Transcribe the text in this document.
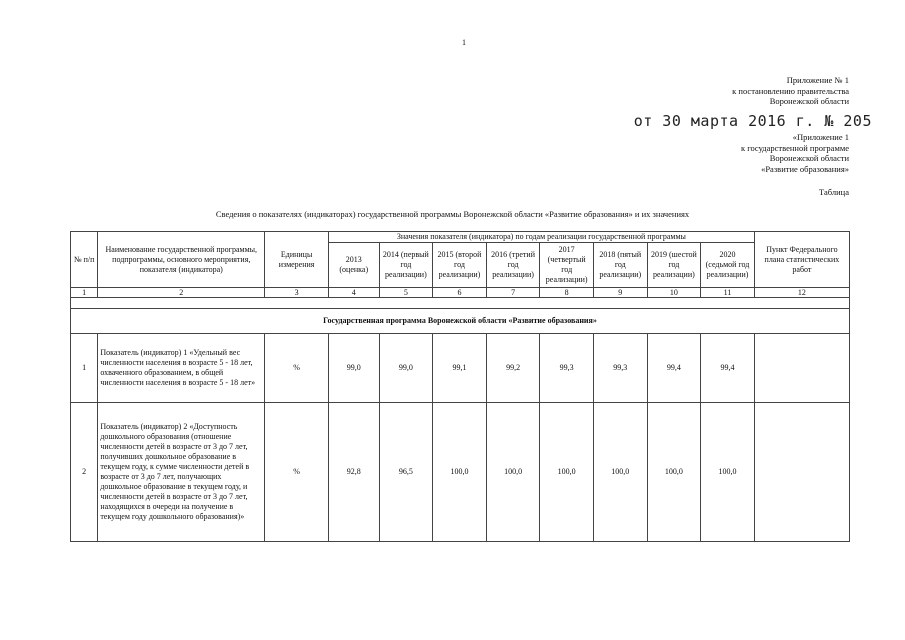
1
Приложение № 1
к постановлению правительства
Воронежской области
от 30 марта 2016 г. № 205
«Приложение 1
к государственной программе
Воронежской области
«Развитие образования»
Таблица
Сведения о показателях (индикаторах) государственной программы Воронежской области «Развитие образования» и их значениях
№ п/п	Наименование государственной программы, подпрограммы, основного мероприятия, показателя (индикатора)	Единицы измерения	Значения показателя (индикатора) по годам реализации государственной программы								Пункт Федерального плана статистических работ
			2013 (оценка)	2014 (первый год реализации)	2015 (второй год реализации)	2016 (третий год реализации)	2017 (четвертый год реализации)	2018 (пятый год реализации)	2019 (шестой год реализации)	2020 (седьмой год реализации)	
1	2	3	4	5	6	7	8	9	10	11	12

Государственная программа Воронежской области «Развитие образования»											
1	Показатель (индикатор) 1 «Удельный вес численности населения в возрасте 5 - 18 лет, охваченного образованием, в общей численности населения в возрасте 5 - 18 лет»	%	99,0	99,0	99,1	99,2	99,3	99,3	99,4	99,4	
2	Показатель (индикатор) 2 «Доступность дошкольного образования (отношение численности детей в возрасте от 3 до 7 лет, получивших дошкольное образование в текущем году, к сумме численности детей в возрасте от 3 до 7 лет, получающих дошкольное образование в текущем году, и численности детей в возрасте от 3 до 7 лет, находящихся в очереди на получение в текущем году дошкольного образования)»	%	92,8	96,5	100,0	100,0	100,0	100,0	100,0	100,0	
